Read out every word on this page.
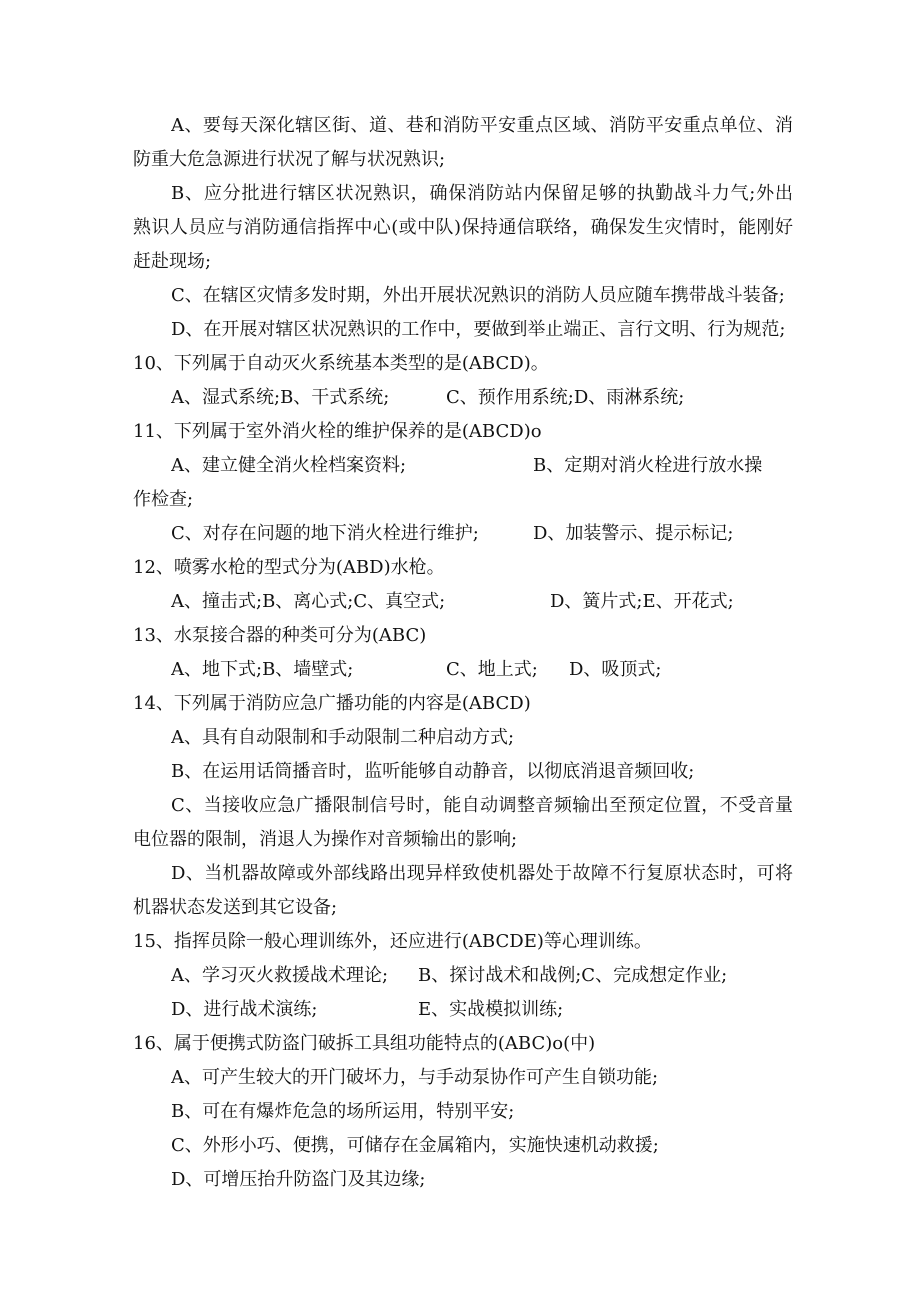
A、要每天深化辖区街、道、巷和消防平安重点区域、消防平安重点单位、消
防重大危急源进行状况了解与状况熟识;
B、应分批进行辖区状况熟识，确保消防站内保留足够的执勤战斗力气;外出
熟识人员应与消防通信指挥中心(或中队)保持通信联络，确保发生灾情时，能刚好
赶赴现场;
C、在辖区灾情多发时期，外出开展状况熟识的消防人员应随车携带战斗装备;
D、在开展对辖区状况熟识的工作中，要做到举止端正、言行文明、行为规范;
10、下列属于自动灭火系统基本类型的是(ABCD)。
A、湿式系统;B、干式系统;	C、预作用系统;D、雨淋系统;
11、下列属于室外消火栓的维护保养的是(ABCD)o
A、建立健全消火栓档案资料;	B、定期对消火栓进行放水操
作检查;
C、对存在问题的地下消火栓进行维护;	D、加装警示、提示标记;
12、喷雾水枪的型式分为(ABD)水枪。
A、撞击式;B、离心式;C、真空式;	D、簧片式;E、开花式;
13、水泵接合器的种类可分为(ABC)
A、地下式;B、墙壁式;	C、地上式; D、吸顶式;
14、下列属于消防应急广播功能的内容是(ABCD)
A、具有自动限制和手动限制二种启动方式;
B、在运用话筒播音时，监听能够自动静音，以彻底消退音频回收;
C、当接收应急广播限制信号时，能自动调整音频输出至预定位置，不受音量
电位器的限制，消退人为操作对音频输出的影响;
D、当机器故障或外部线路出现异样致使机器处于故障不行复原状态时，可将
机器状态发送到其它设备;
15、指挥员除一般心理训练外，还应进行(ABCDE)等心理训练。
A、学习灭火救援战术理论; B、探讨战术和战例;C、完成想定作业;
D、进行战术演练;	E、实战模拟训练;
16、属于便携式防盗门破拆工具组功能特点的(ABC)o(中)
A、可产生较大的开门破坏力，与手动泵协作可产生自锁功能;
B、可在有爆炸危急的场所运用，特别平安;
C、外形小巧、便携，可储存在金属箱内，实施快速机动救援;
D、可增压抬升防盗门及其边缘;
